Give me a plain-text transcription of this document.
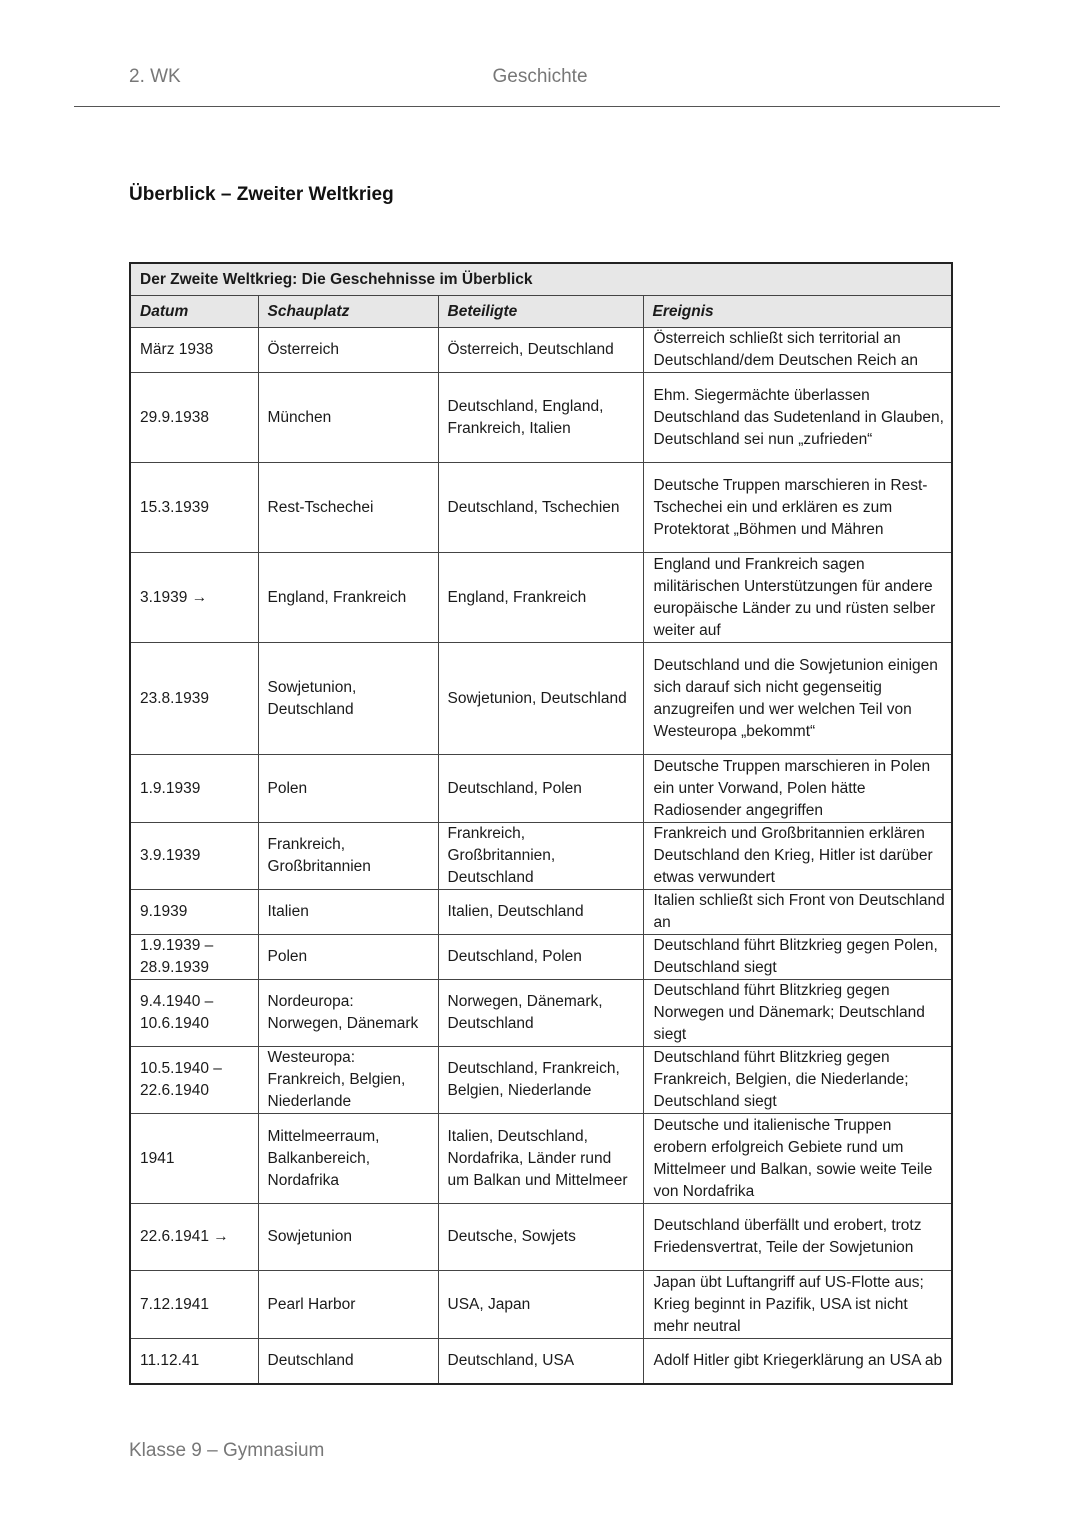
2. WK	Geschichte
Überblick – Zweiter Weltkrieg
Der Zweite Weltkrieg: Die Geschehnisse im Überblick			
Datum	Schauplatz	Beteiligte	Ereignis
März 1938	Österreich	Österreich, Deutschland	Österreich schließt sich territorial an Deutschland/dem Deutschen Reich an
29.9.1938	München	Deutschland, England, Frankreich, Italien	Ehm. Siegermächte überlassen Deutschland das Sudetenland in Glauben, Deutschland sei nun „zufrieden“
15.3.1939	Rest-Tschechei	Deutschland, Tschechien	Deutsche Truppen marschieren in Rest-Tschechei ein und erklären es zum Protektorat „Böhmen und Mähren
3.1939 →	England, Frankreich	England, Frankreich	England und Frankreich sagen militärischen Unterstützungen für andere europäische Länder zu und rüsten selber weiter auf
23.8.1939	Sowjetunion, Deutschland	Sowjetunion, Deutschland	Deutschland und die Sowjetunion einigen sich darauf sich nicht gegenseitig anzugreifen und wer welchen Teil von Westeuropa „bekommt“
1.9.1939	Polen	Deutschland, Polen	Deutsche Truppen marschieren in Polen ein unter Vorwand, Polen hätte Radiosender angegriffen
3.9.1939	Frankreich, Großbritannien	Frankreich, Großbritannien, Deutschland	Frankreich und Großbritannien erklären Deutschland den Krieg, Hitler ist darüber etwas verwundert
9.1939	Italien	Italien, Deutschland	Italien schließt sich Front von Deutschland an
1.9.1939 – 28.9.1939	Polen	Deutschland, Polen	Deutschland führt Blitzkrieg gegen Polen, Deutschland siegt
9.4.1940 – 10.6.1940	Nordeuropa: Norwegen, Dänemark	Norwegen, Dänemark, Deutschland	Deutschland führt Blitzkrieg gegen Norwegen und Dänemark; Deutschland siegt
10.5.1940 – 22.6.1940	Westeuropa: Frankreich, Belgien, Niederlande	Deutschland, Frankreich, Belgien, Niederlande	Deutschland führt Blitzkrieg gegen Frankreich, Belgien, die Niederlande; Deutschland siegt
1941	Mittelmeerraum, Balkanbereich, Nordafrika	Italien, Deutschland, Nordafrika, Länder rund um Balkan und Mittelmeer	Deutsche und italienische Truppen erobern erfolgreich Gebiete rund um Mittelmeer und Balkan, sowie weite Teile von Nordafrika
22.6.1941 →	Sowjetunion	Deutsche, Sowjets	Deutschland überfällt und erobert, trotz Friedensvertrat, Teile der Sowjetunion
7.12.1941	Pearl Harbor	USA, Japan	Japan übt Luftangriff auf US-Flotte aus; Krieg beginnt in Pazifik, USA ist nicht mehr neutral
11.12.41	Deutschland	Deutschland, USA	Adolf Hitler gibt Kriegerklärung an USA ab
Klasse 9 – Gymnasium
